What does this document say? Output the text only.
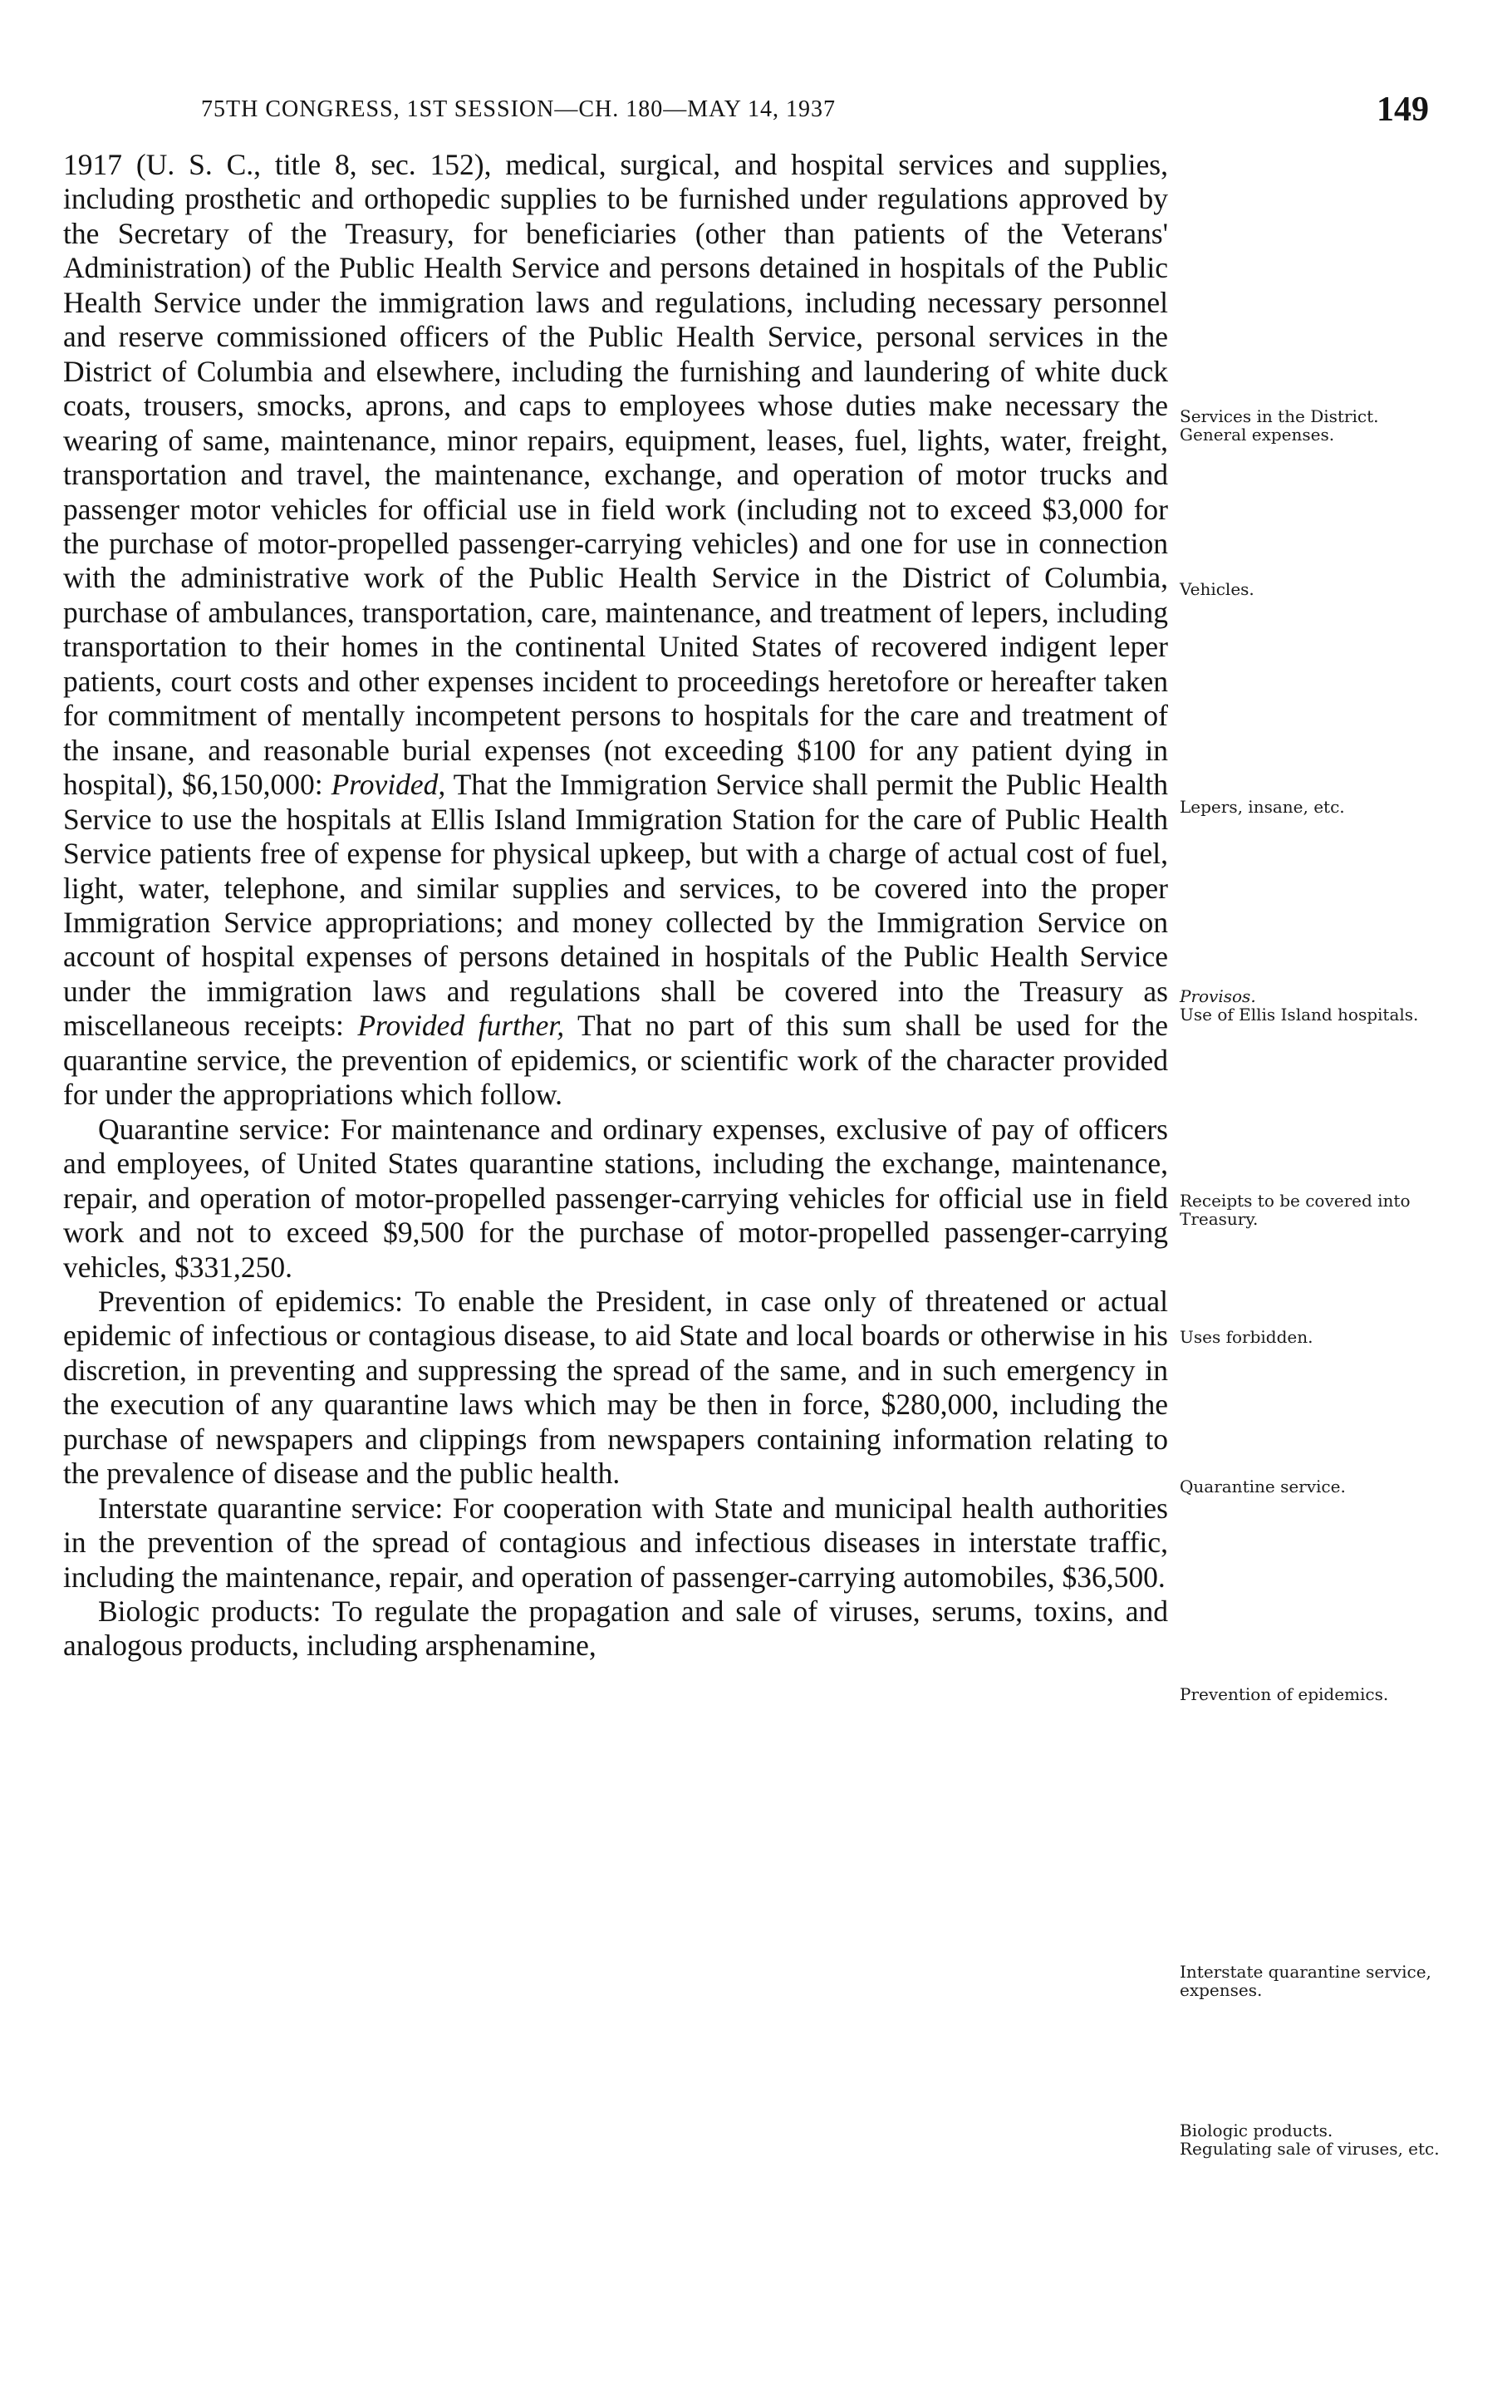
75TH CONGRESS, 1ST SESSION—CH. 180—MAY 14, 1937	149

1917 (U. S. C., title 8, sec. 152), medical, surgical, and hospital services and supplies, including prosthetic and orthopedic supplies to be furnished under regulations approved by the Secretary of the Treasury, for beneficiaries (other than patients of the Veterans' Administration) of the Public Health Service and persons detained in hospitals of the Public Health Service under the immigration laws and regulations, including necessary personnel and reserve commissioned officers of the Public Health Service, personal services in the District of Columbia and elsewhere, including the furnishing and laundering of white duck coats, trousers, smocks, aprons, and caps to employees whose duties make necessary the wearing of same, maintenance, minor repairs, equipment, leases, fuel, lights, water, freight, transportation and travel, the maintenance, exchange, and operation of motor trucks and passenger motor vehicles for official use in field work (including not to exceed $3,000 for the purchase of motor-propelled passenger-carrying vehicles) and one for use in connection with the administrative work of the Public Health Service in the District of Columbia, purchase of ambulances, transportation, care, maintenance, and treatment of lepers, including transportation to their homes in the continental United States of recovered indigent leper patients, court costs and other expenses incident to proceedings heretofore or hereafter taken for commitment of mentally incompetent persons to hospitals for the care and treatment of the insane, and reasonable burial expenses (not exceeding $100 for any patient dying in hospital), $6,150,000: Provided, That the Immigration Service shall permit the Public Health Service to use the hospitals at Ellis Island Immigration Station for the care of Public Health Service patients free of expense for physical upkeep, but with a charge of actual cost of fuel, light, water, telephone, and similar supplies and services, to be covered into the proper Immigration Service appropriations; and money collected by the Immigration Service on account of hospital expenses of persons detained in hospitals of the Public Health Service under the immigration laws and regulations shall be covered into the Treasury as miscellaneous receipts: Provided further, That no part of this sum shall be used for the quarantine service, the prevention of epidemics, or scientific work of the character provided for under the appropriations which follow.

Quarantine service: For maintenance and ordinary expenses, exclusive of pay of officers and employees, of United States quarantine stations, including the exchange, maintenance, repair, and operation of motor-propelled passenger-carrying vehicles for official use in field work and not to exceed $9,500 for the purchase of motor-propelled passenger-carrying vehicles, $331,250.

Prevention of epidemics: To enable the President, in case only of threatened or actual epidemic of infectious or contagious disease, to aid State and local boards or otherwise in his discretion, in preventing and suppressing the spread of the same, and in such emergency in the execution of any quarantine laws which may be then in force, $280,000, including the purchase of newspapers and clippings from newspapers containing information relating to the prevalence of disease and the public health.

Interstate quarantine service: For cooperation with State and municipal health authorities in the prevention of the spread of contagious and infectious diseases in interstate traffic, including the maintenance, repair, and operation of passenger-carrying automobiles, $36,500.

Biologic products: To regulate the propagation and sale of viruses, serums, toxins, and analogous products, including arsphenamine,

Services in the District.
General expenses.
Vehicles.
Lepers, insane, etc.
Provisos.
Use of Ellis Island hospitals.
Receipts to be covered into Treasury.
Uses forbidden.
Quarantine service.
Prevention of epidemics.
Interstate quarantine service, expenses.
Biologic products.
Regulating sale of viruses, etc.
